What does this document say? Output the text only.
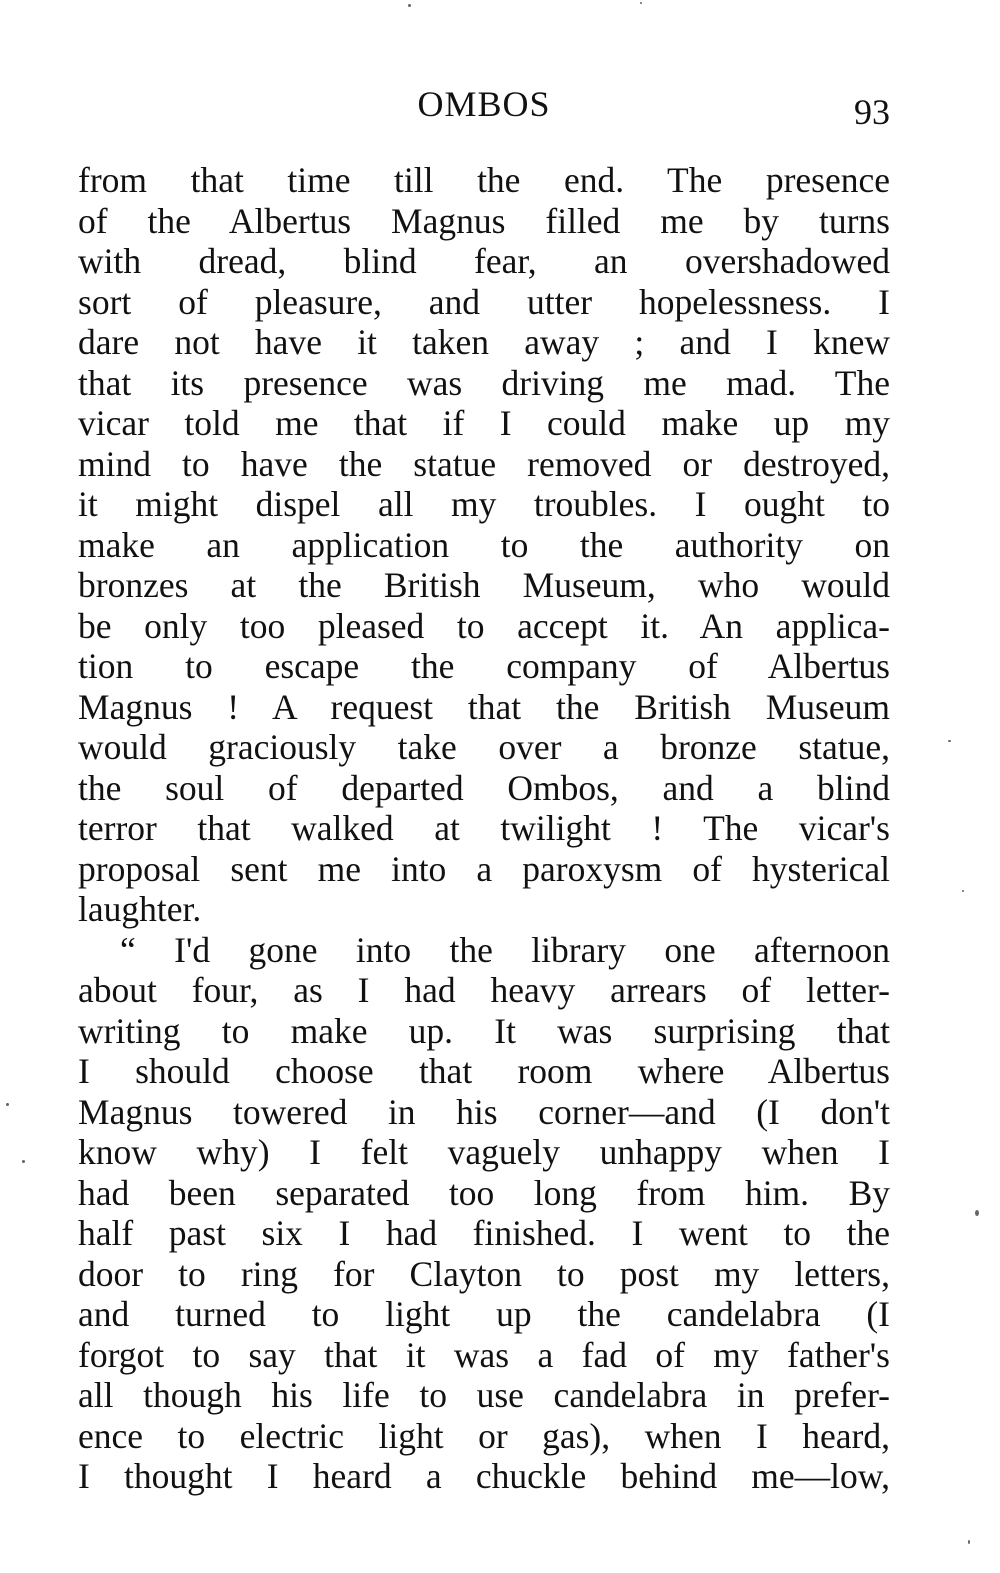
OMBOS	93
from that time till the end. The presence
of the Albertus Magnus filled me by turns
with dread, blind fear, an overshadowed
sort of pleasure, and utter hopelessness. I
dare not have it taken away ; and I knew
that its presence was driving me mad. The
vicar told me that if I could make up my
mind to have the statue removed or destroyed,
it might dispel all my troubles. I ought to
make an application to the authority on
bronzes at the British Museum, who would
be only too pleased to accept it. An applica-
tion to escape the company of Albertus
Magnus ! A request that the British Museum
would graciously take over a bronze statue,
the soul of departed Ombos, and a blind
terror that walked at twilight ! The vicar's
proposal sent me into a paroxysm of hysterical
laughter.
“ I'd gone into the library one afternoon
about four, as I had heavy arrears of letter-
writing to make up. It was surprising that
I should choose that room where Albertus
Magnus towered in his corner—and (I don't
know why) I felt vaguely unhappy when I
had been separated too long from him. By
half past six I had finished. I went to the
door to ring for Clayton to post my letters,
and turned to light up the candelabra (I
forgot to say that it was a fad of my father's
all though his life to use candelabra in prefer-
ence to electric light or gas), when I heard,
I thought I heard a chuckle behind me—low,
